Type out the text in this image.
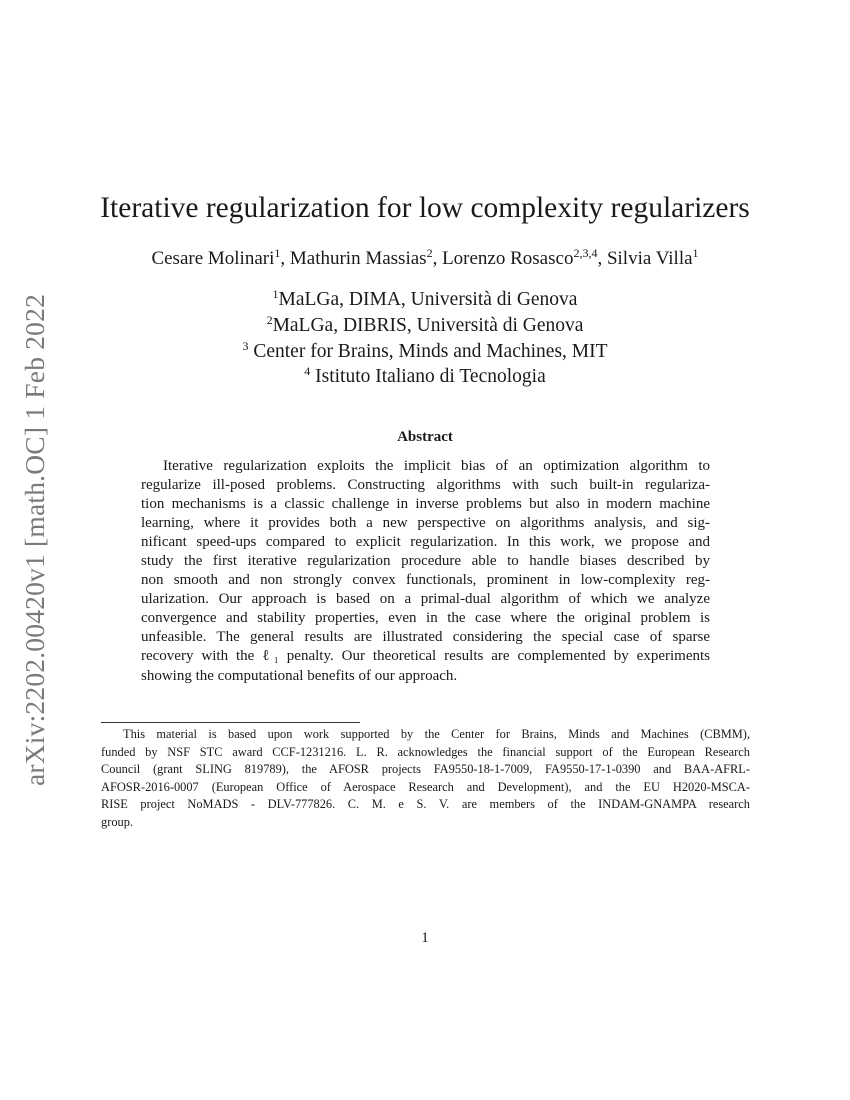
arXiv:2202.00420v1 [math.OC] 1 Feb 2022
Iterative regularization for low complexity regularizers
Cesare Molinari$^1$, Mathurin Massias$^2$, Lorenzo Rosasco$^{2,3,4}$, Silvia Villa$^1$
$^1$MaLGa, DIMA, Università di Genova
$^2$MaLGa, DIBRIS, Università di Genova
$^3$ Center for Brains, Minds and Machines, MIT
$^4$ Istituto Italiano di Tecnologia
Abstract
Iterative regularization exploits the implicit bias of an optimization algorithm to
regularize ill-posed problems. Constructing algorithms with such built-in regulariza-
tion mechanisms is a classic challenge in inverse problems but also in modern machine
learning, where it provides both a new perspective on algorithms analysis, and sig-
nificant speed-ups compared to explicit regularization. In this work, we propose and
study the first iterative regularization procedure able to handle biases described by
non smooth and non strongly convex functionals, prominent in low-complexity reg-
ularization. Our approach is based on a primal-dual algorithm of which we analyze
convergence and stability properties, even in the case where the original problem is
unfeasible. The general results are illustrated considering the special case of sparse
recovery with the ℓ₁ penalty. Our theoretical results are complemented by experiments
showing the computational benefits of our approach.
This material is based upon work supported by the Center for Brains, Minds and Machines (CBMM),
funded by NSF STC award CCF-1231216. L. R. acknowledges the financial support of the European Research
Council (grant SLING 819789), the AFOSR projects FA9550-18-1-7009, FA9550-17-1-0390 and BAA-AFRL-
AFOSR-2016-0007 (European Office of Aerospace Research and Development), and the EU H2020-MSCA-
RISE project NoMADS - DLV-777826. C. M. e S. V. are members of the INDAM-GNAMPA research
group.
1
